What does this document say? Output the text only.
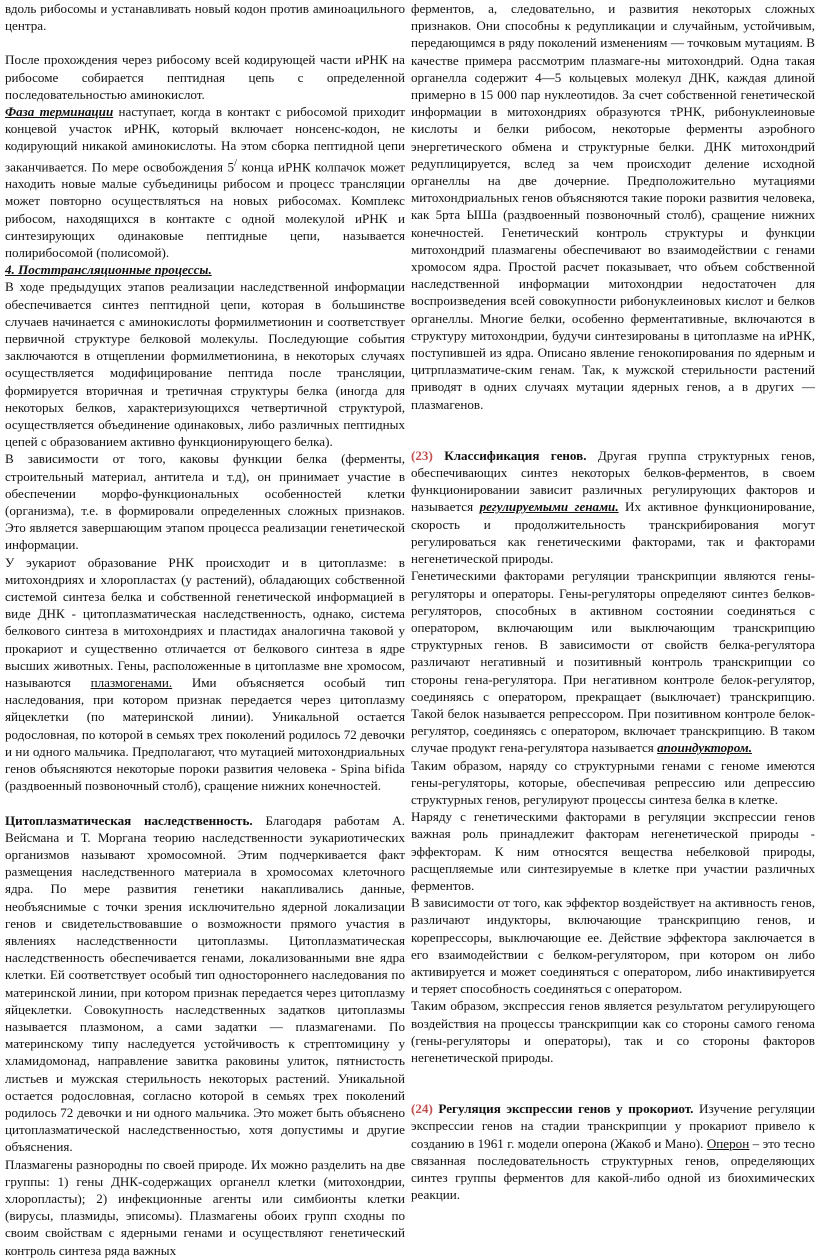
вдоль рибосомы и устанавливать новый кодон против аминоацильного центра.

После прохождения через рибосому всей кодирующей части иРНК на рибосоме собирается пептидная цепь с определенной последовательностью аминокислот.

Фаза терминации наступает, когда в контакт с рибосомой приходит концевой участок иРНК, который включает нонсенс-кодон, не кодирующий никакой аминокислоты. На этом сборка пептидной цепи заканчивается. По мере освобождения 5/ конца иРНК колпачок может находить новые малые субъединицы рибосом и процесс трансляции может повторно осуществляться на новых рибосомах. Комплекс рибосом, находящихся в контакте с одной молекулой иРНК и синтезирующих одинаковые пептидные цепи, называется полирибосомой (полисомой).

4. Посттрансляционные процессы.

В ходе предыдущих этапов реализации наследственной информации обеспечивается синтез пептидной цепи, которая в большинстве случаев начинается с аминокислоты формилметионин и соответствует первичной структуре белковой молекулы. Последующие события заключаются в отщеплении формилметионина, в некоторых случаях осуществляется модифицирование пептида после трансляции, формируется вторичная и третичная структуры белка (иногда для некоторых белков, характеризующихся четвертичной структурой, осуществляется объединение одинаковых, либо различных пептидных цепей с образованием активно функционирующего белка).

В зависимости от того, каковы функции белка (ферменты, строительный материал, антитела и т.д), он принимает участие в обеспечении морфо-функциональных особенностей клетки (организма), т.е. в формировали определенных сложных признаков. Это является завершающим этапом процесса реализации генетической информации.

У эукариот образование РНК происходит и в цитоплазме: в митохондриях и хлоропластах (у растений), обладающих собственной системой синтеза белка и собственной генетической информацией в виде ДНК - цитоплазматическая наследственность, однако, система белкового синтеза в митохондриях и пластидах аналогична таковой у прокариот и существенно отличается от белкового синтеза в ядре высших животных. Гены, расположенные в цитоплазме вне хромосом, называются плазмогенами. Ими объясняется особый тип наследования, при котором признак передается через цитоплазму яйцеклетки (по материнской линии). Уникальной остается родословная, по которой в семьях трех поколений родилось 72 девочки и ни одного мальчика. Предполагают, что мутацией митохондриальных генов объясняются некоторые пороки развития человека - Spina bifida (раздвоенный позвоночный столб), сращение нижних конечностей.

Цитоплазматическая наследственность. Благодаря работам А. Вейсмана и Т. Моргана теорию наследственности эукариотических организмов называют хромосомной. Этим подчеркивается факт размещения наследственного материала в хромосомах клеточного ядра. По мере развития генетики накапливались данные, необъяснимые с точки зрения исключительно ядерной локализации генов и свидетельствовавшие о возможности прямого участия в явлениях наследственности цитоплазмы. Цитоплазматическая наследственность обеспечивается генами, локализованными вне ядра клетки. Ей соответствует особый тип одностороннего наследования по материнской линии, при котором признак передается через цитоплазму яйцеклетки. Совокупность наследственных задатков цитоплазмы называется плазмоном, а сами задатки — плазмагенами. По материнскому типу наследуется устойчивость к стрептомицину у хламидомонад, направление завитка раковины улиток, пятнистость листьев и мужская стерильность некоторых растений. Уникальной остается родословная, согласно которой в семьях трех поколений родилось 72 девочки и ни одного мальчика. Это может быть объяснено цитоплазматической наследственностью, хотя допустимы и другие объяснения.

Плазмагены разнородны по своей природе. Их можно разделить на две группы: 1) гены ДНК-содержащих органелл клетки (митохондрии, хлоропласты); 2) инфекционные агенты или симбионты клетки (вирусы, плазмиды, эписомы). Плазмагены обоих групп сходны по своим свойствам с ядерными генами и осуществляют генетический контроль синтеза ряда важных

ферментов, а, следовательно, и развития некоторых сложных признаков. Они способны к редупликации и случайным, устойчивым, передающимся в ряду поколений изменениям — точковым мутациям. В качестве примера рассмотрим плазмаге-ны митохондрий. Одна такая органелла содержит 4—5 кольцевых молекул ДНК, каждая длиной примерно в 15 000 пар нуклеотидов. За счет собственной генетической информации в митохондриях образуются тРНК, рибонуклеиновые кислоты и белки рибосом, некоторые ферменты аэробного энергетического обмена и структурные белки. ДНК митохондрий редуплицируется, вслед за чем происходит деление исходной органеллы на две дочерние. Предположительно мутациями митохондриальных генов объясняются такие пороки развития человека, как 5рта ЫШа (раздвоенный позвоночный столб), сращение нижних конечностей. Генетический контроль структуры и функции митохондрий плазмагены обеспечивают во взаимодействии с генами хромосом ядра. Простой расчет показывает, что объем собственной наследственной информации митохондрии недостаточен для воспроизведения всей совокупности рибонуклеиновых кислот и белков органеллы. Многие белки, особенно ферментативные, включаются в структуру митохондрии, будучи синтезированы в цитоплазме на иРНК, поступившей из ядра. Описано явление генокопирования по ядерным и цитрплазматиче-ским генам. Так, к мужской стерильности растений приводят в одних случаях мутации ядерных генов, а в других — плазмагенов.

(23) Классификация генов. Другая группа структурных генов, обеспечивающих синтез некоторых белков-ферментов, в своем функционировании зависит различных регулирующих факторов и называется регулируемыми генами. Их активное функционирование, скорость и продолжительность транскрибирования могут регулироваться как генетическими факторами, так и факторами негенетической природы.

Генетическими факторами регуляции транскрипции являются гены-регуляторы и операторы. Гены-регуляторы определяют синтез белков-регуляторов, способных в активном состоянии соединяться с оператором, включающим или выключающим транскрипцию структурных генов. В зависимости от свойств белка-регулятора различают негативный и позитивный контроль транскрипции со стороны гена-регулятора. При негативном контроле белок-регулятор, соединяясь с оператором, прекращает (выключает) транскрипцию. Такой белок называется репрессором. При позитивном контроле белок-регулятор, соединяясь с оператором, включает транскрипцию. В таком случае продукт гена-регулятора называется апоиндуктором.

Таким образом, наряду со структурными генами с геноме имеются гены-регуляторы, которые, обеспечивая репрессию или депрессию структурных генов, регулируют процессы синтеза белка в клетке.

Наряду с генетическими факторами в регуляции экспрессии генов важная роль принадлежит факторам негенетической природы - эффекторам. К ним относятся вещества небелковой природы, расщепляемые или синтезируемые в клетке при участии различных ферментов.

В зависимости от того, как эффектор воздействует на активность генов, различают индукторы, включающие транскрипцию генов, и корепрессоры, выключающие ее. Действие эффектора заключается в его взаимодействии с белком-регулятором, при котором он либо активируется и может соединяться с оператором, либо инактивируется и теряет способность соединяться с оператором.

Таким образом, экспрессия генов является результатом регулирующего воздействия на процессы транскрипции как со стороны самого генома (гены-регуляторы и операторы), так и со стороны факторов негенетической природы.

(24) Регуляция экспрессии генов у прокориот. Изучение регуляции экспрессии генов на стадии транскрипции у прокариот привело к созданию в 1961 г. модели оперона (Жакоб и Мано). Оперон – это тесно связанная последовательность структурных генов, определяющих синтез группы ферментов для какой-либо одной из биохимических реакции.
